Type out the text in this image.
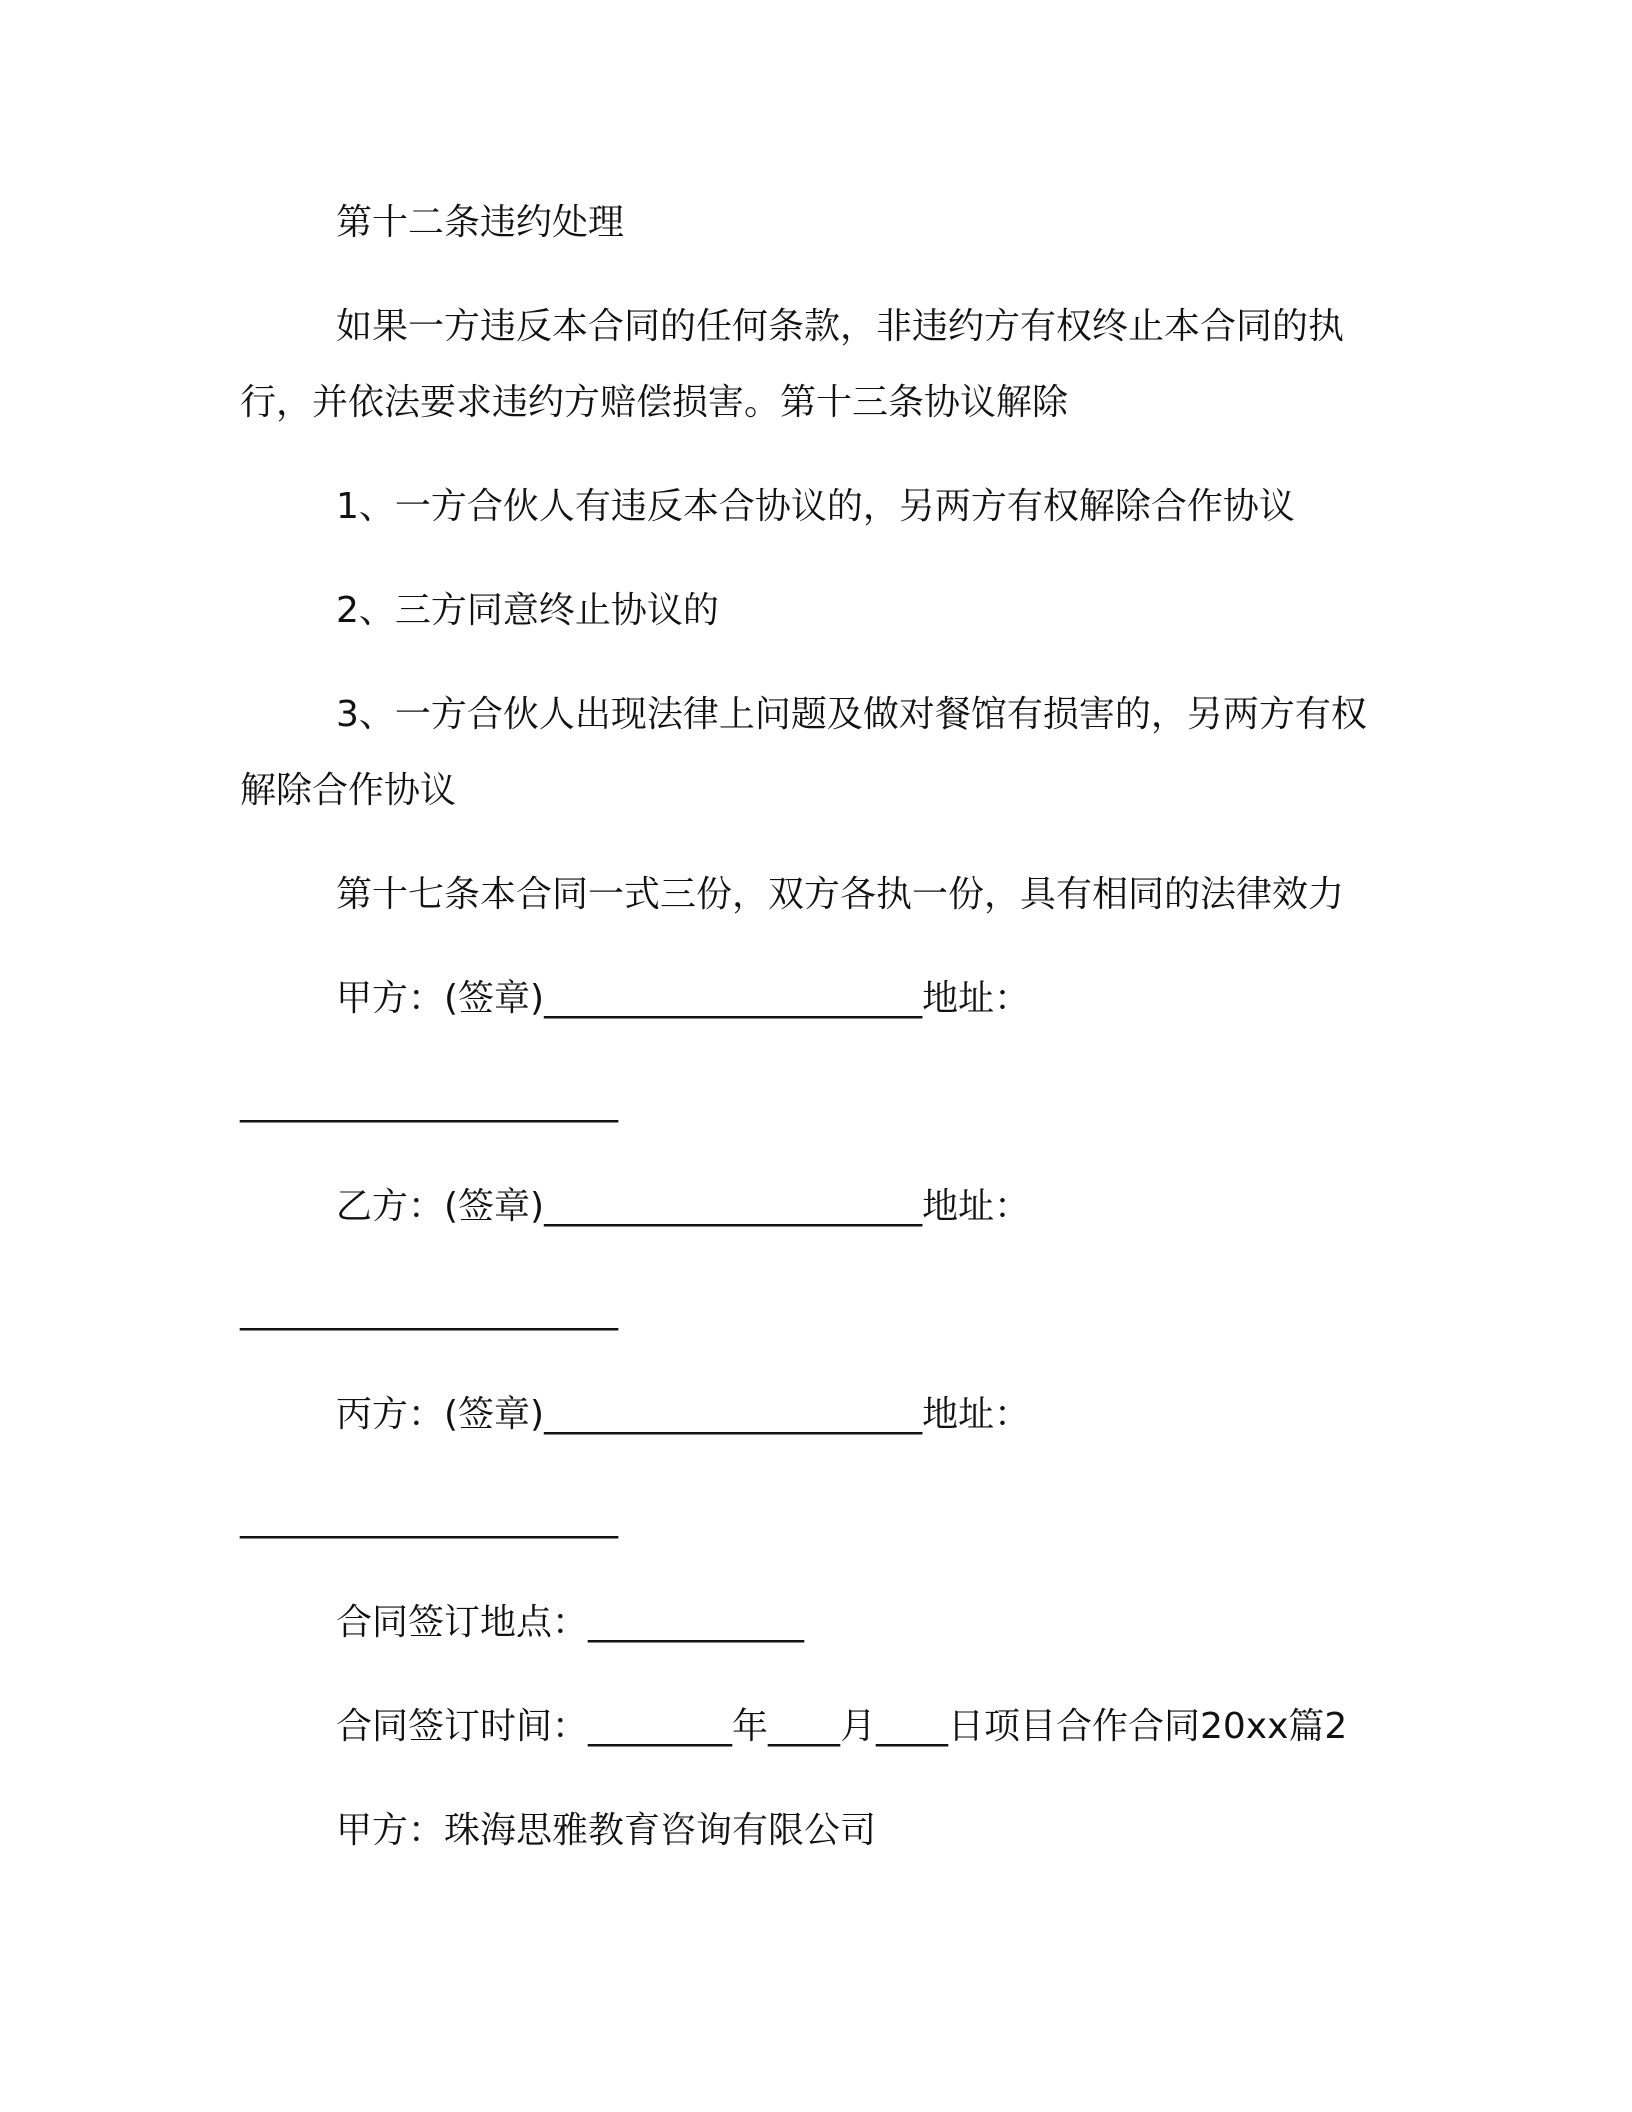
第十二条违约处理

如果一方违反本合同的任何条款，非违约方有权终止本合同的执行，并依法要求违约方赔偿损害。第十三条协议解除

1、一方合伙人有违反本合协议的，另两方有权解除合作协议

2、三方同意终止协议的

3、一方合伙人出现法律上问题及做对餐馆有损害的，另两方有权解除合作协议

第十七条本合同一式三份，双方各执一份，具有相同的法律效力

甲方：(签章)_____________________地址：

_____________________

乙方：(签章)_____________________地址：

_____________________

丙方：(签章)_____________________地址：

_____________________

合同签订地点：____________

合同签订时间：________年____月____日项目合作合同20xx篇2

甲方：珠海思雅教育咨询有限公司
